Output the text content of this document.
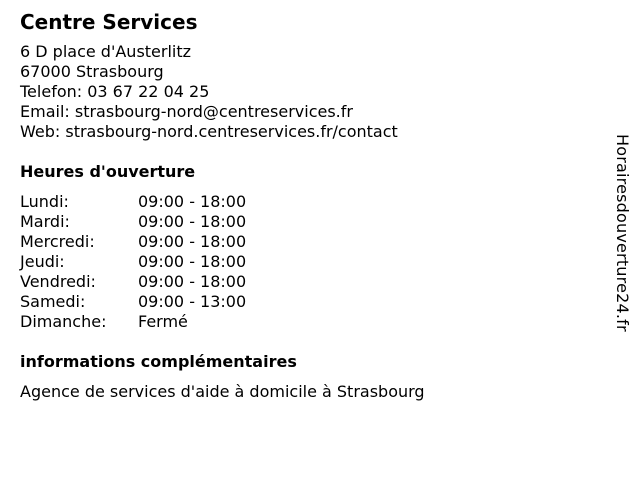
Centre Services
6 D place d'Austerlitz
67000 Strasbourg
Telefon: 03 67 22 04 25
Email: strasbourg-nord@centreservices.fr
Web: strasbourg-nord.centreservices.fr/contact
Heures d'ouverture
Lundi:	09:00 - 18:00
Mardi:	09:00 - 18:00
Mercredi:	09:00 - 18:00
Jeudi:	09:00 - 18:00
Vendredi:	09:00 - 18:00
Samedi:	09:00 - 13:00
Dimanche:	Fermé
informations complémentaires
Agence de services d'aide à domicile à Strasbourg
Horairesdouverture24.fr
